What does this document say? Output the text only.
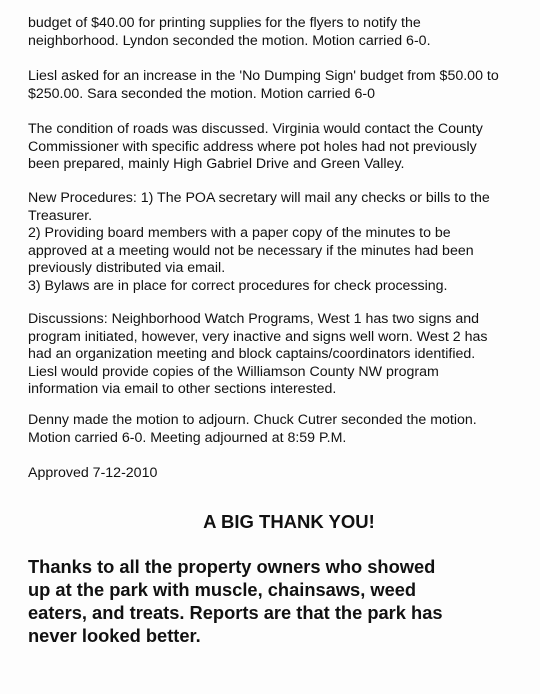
budget of $40.00 for printing supplies for the flyers to notify the
neighborhood. Lyndon seconded the motion. Motion carried 6-0.
Liesl asked for an increase in the 'No Dumping Sign' budget from $50.00 to
$250.00. Sara seconded the motion. Motion carried 6-0
The condition of roads was discussed. Virginia would contact the County
Commissioner with specific address where pot holes had not previously
been prepared, mainly High Gabriel Drive and Green Valley.
New Procedures: 1) The POA secretary will mail any checks or bills to the
Treasurer.
2) Providing board members with a paper copy of the minutes to be
approved at a meeting would not be necessary if the minutes had been
previously distributed via email.
3) Bylaws are in place for correct procedures for check processing.
Discussions: Neighborhood Watch Programs, West 1 has two signs and
program initiated, however, very inactive and signs well worn. West 2 has
had an organization meeting and block captains/coordinators identified.
Liesl would provide copies of the Williamson County NW program
information via email to other sections interested.
Denny made the motion to adjourn. Chuck Cutrer seconded the motion.
Motion carried 6-0. Meeting adjourned at 8:59 P.M.
Approved 7-12-2010
A BIG THANK YOU!
Thanks to all the property owners who showed
up at the park with muscle, chainsaws, weed
eaters, and treats. Reports are that the park has
never looked better.
